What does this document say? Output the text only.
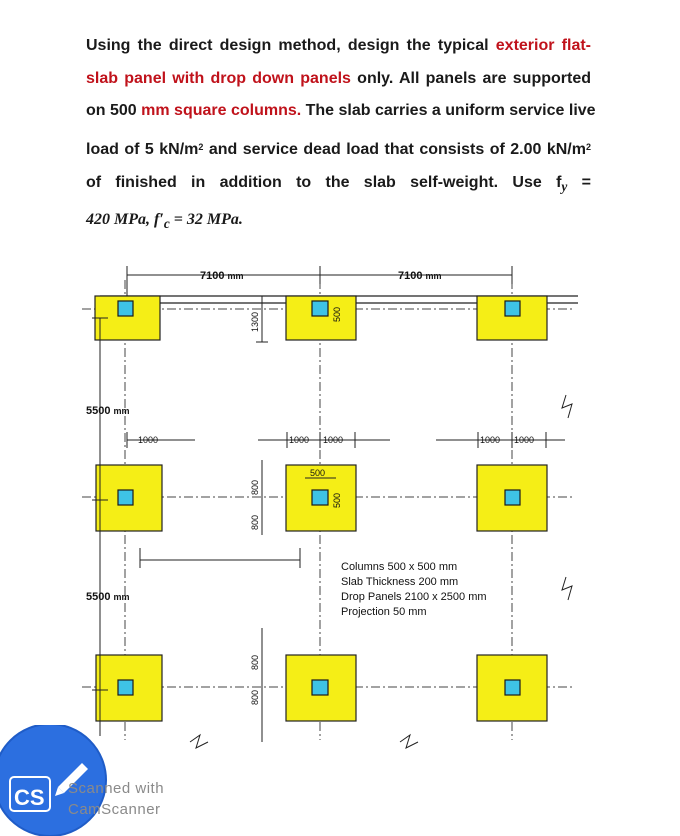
Using the direct design method, design the typical exterior flat-
slab panel with drop down panels only. All panels are supported
on 500 mm square columns. The slab carries a uniform service live
load of 5 $kN/m^2$ and service dead load that consists of 2.00 $kN/m^2$
of finished in addition to the slab self-weight. Use $f_y$ =
420 MPa, $f'_c = 32$ MPa.
7100 mm	7100 mm
5500 mm
5500 mm
1300	500
1000	1000 1000	1000 1000
500
500
800
800
800
800
Columns 500 x 500 mm
Slab Thickness 200 mm
Drop Panels 2100 x 2500 mm
Projection 50 mm
CS Scanned with
CamScanner
